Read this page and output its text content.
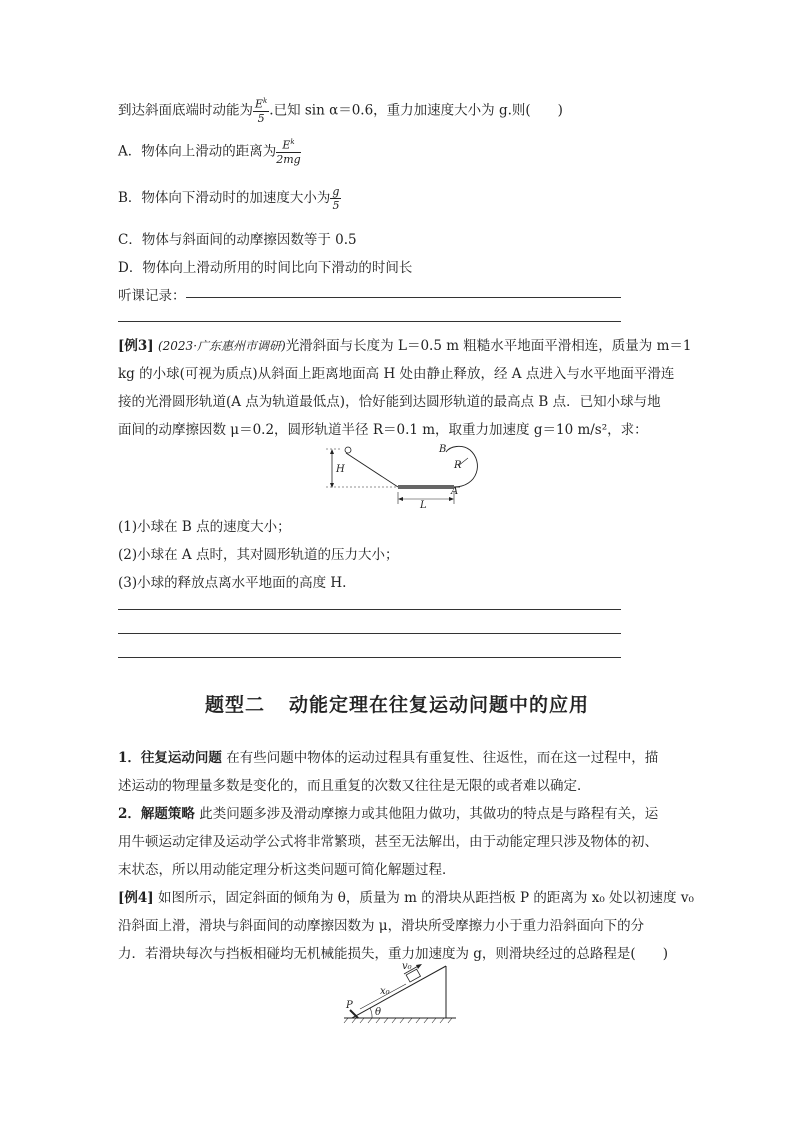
到达斜面底端时动能为 $\frac{E^k}{5}$ .已知 sin α＝0.6，重力加速度大小为 g.则(　　)
A．物体向上滑动的距离为 $\frac{E^k}{2mg}$
B．物体向下滑动时的加速度大小为 $\frac{g}{5}$
C．物体与斜面间的动摩擦因数等于 0.5
D．物体向上滑动所用的时间比向下滑动的时间长
听课记录：
[例3] (2023·广东惠州市调研)光滑斜面与长度为 L＝0.5 m 粗糙水平地面平滑相连，质量为 m＝1
kg 的小球(可视为质点)从斜面上距离地面高 H 处由静止释放，经 A 点进入与水平地面平滑连
接的光滑圆形轨道(A 点为轨道最低点)，恰好能到达圆形轨道的最高点 B 点．已知小球与地
面间的动摩擦因数 μ＝0.2，圆形轨道半径 R＝0.1 m，取重力加速度 g＝10 m/s²，求：
H
B
R
A
L
(1)小球在 B 点的速度大小；
(2)小球在 A 点时，其对圆形轨道的压力大小；
(3)小球的释放点离水平地面的高度 H.
题型二 动能定理在往复运动问题中的应用
1．往复运动问题 在有些问题中物体的运动过程具有重复性、往返性，而在这一过程中，描
述运动的物理量多数是变化的，而且重复的次数又往往是无限的或者难以确定．
2．解题策略 此类问题多涉及滑动摩擦力或其他阻力做功，其做功的特点是与路程有关，运
用牛顿运动定律及运动学公式将非常繁琐，甚至无法解出，由于动能定理只涉及物体的初、
末状态，所以用动能定理分析这类问题可简化解题过程．
[例4] 如图所示，固定斜面的倾角为 θ，质量为 m 的滑块从距挡板 P 的距离为 x₀ 处以初速度 v₀
沿斜面上滑，滑块与斜面间的动摩擦因数为 μ，滑块所受摩擦力小于重力沿斜面向下的分
力．若滑块每次与挡板相碰均无机械能损失，重力加速度为 g，则滑块经过的总路程是(　　)
P
θ
x₀
v₀
